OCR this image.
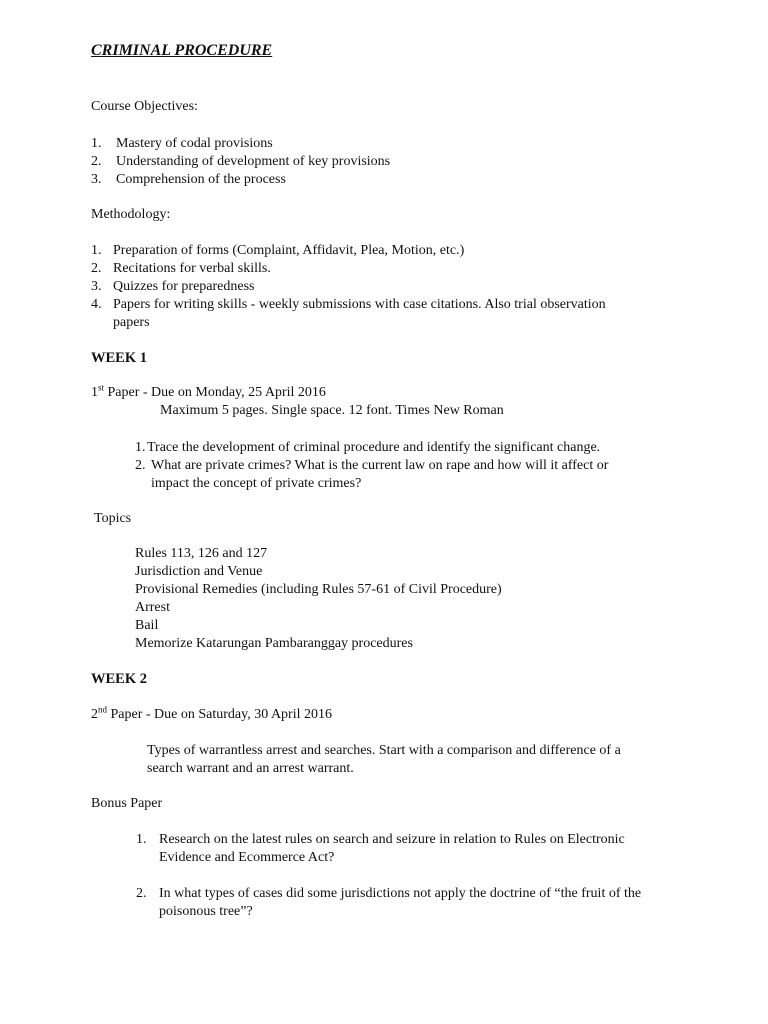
CRIMINAL PROCEDURE
Course Objectives:
1. Mastery of codal provisions
2. Understanding of development of key provisions
3. Comprehension of the process
Methodology:
1. Preparation of forms (Complaint, Affidavit, Plea, Motion, etc.)
2. Recitations for verbal skills.
3. Quizzes for preparedness
4. Papers for writing skills - weekly submissions with case citations. Also trial observation
papers
WEEK 1
1st Paper - Due on Monday, 25 April 2016
Maximum 5 pages. Single space. 12 font. Times New Roman
1. Trace the development of criminal procedure and identify the significant change.
2. What are private crimes? What is the current law on rape and how will it affect or
impact the concept of private crimes?
Topics
Rules 113, 126 and 127
Jurisdiction and Venue
Provisional Remedies (including Rules 57-61 of Civil Procedure)
Arrest
Bail
Memorize Katarungan Pambaranggay procedures
WEEK 2
2nd Paper - Due on Saturday, 30 April 2016
Types of warrantless arrest and searches. Start with a comparison and difference of a
search warrant and an arrest warrant.
Bonus Paper
1. Research on the latest rules on search and seizure in relation to Rules on Electronic
Evidence and Ecommerce Act?
2. In what types of cases did some jurisdictions not apply the doctrine of “the fruit of the
poisonous tree”?
